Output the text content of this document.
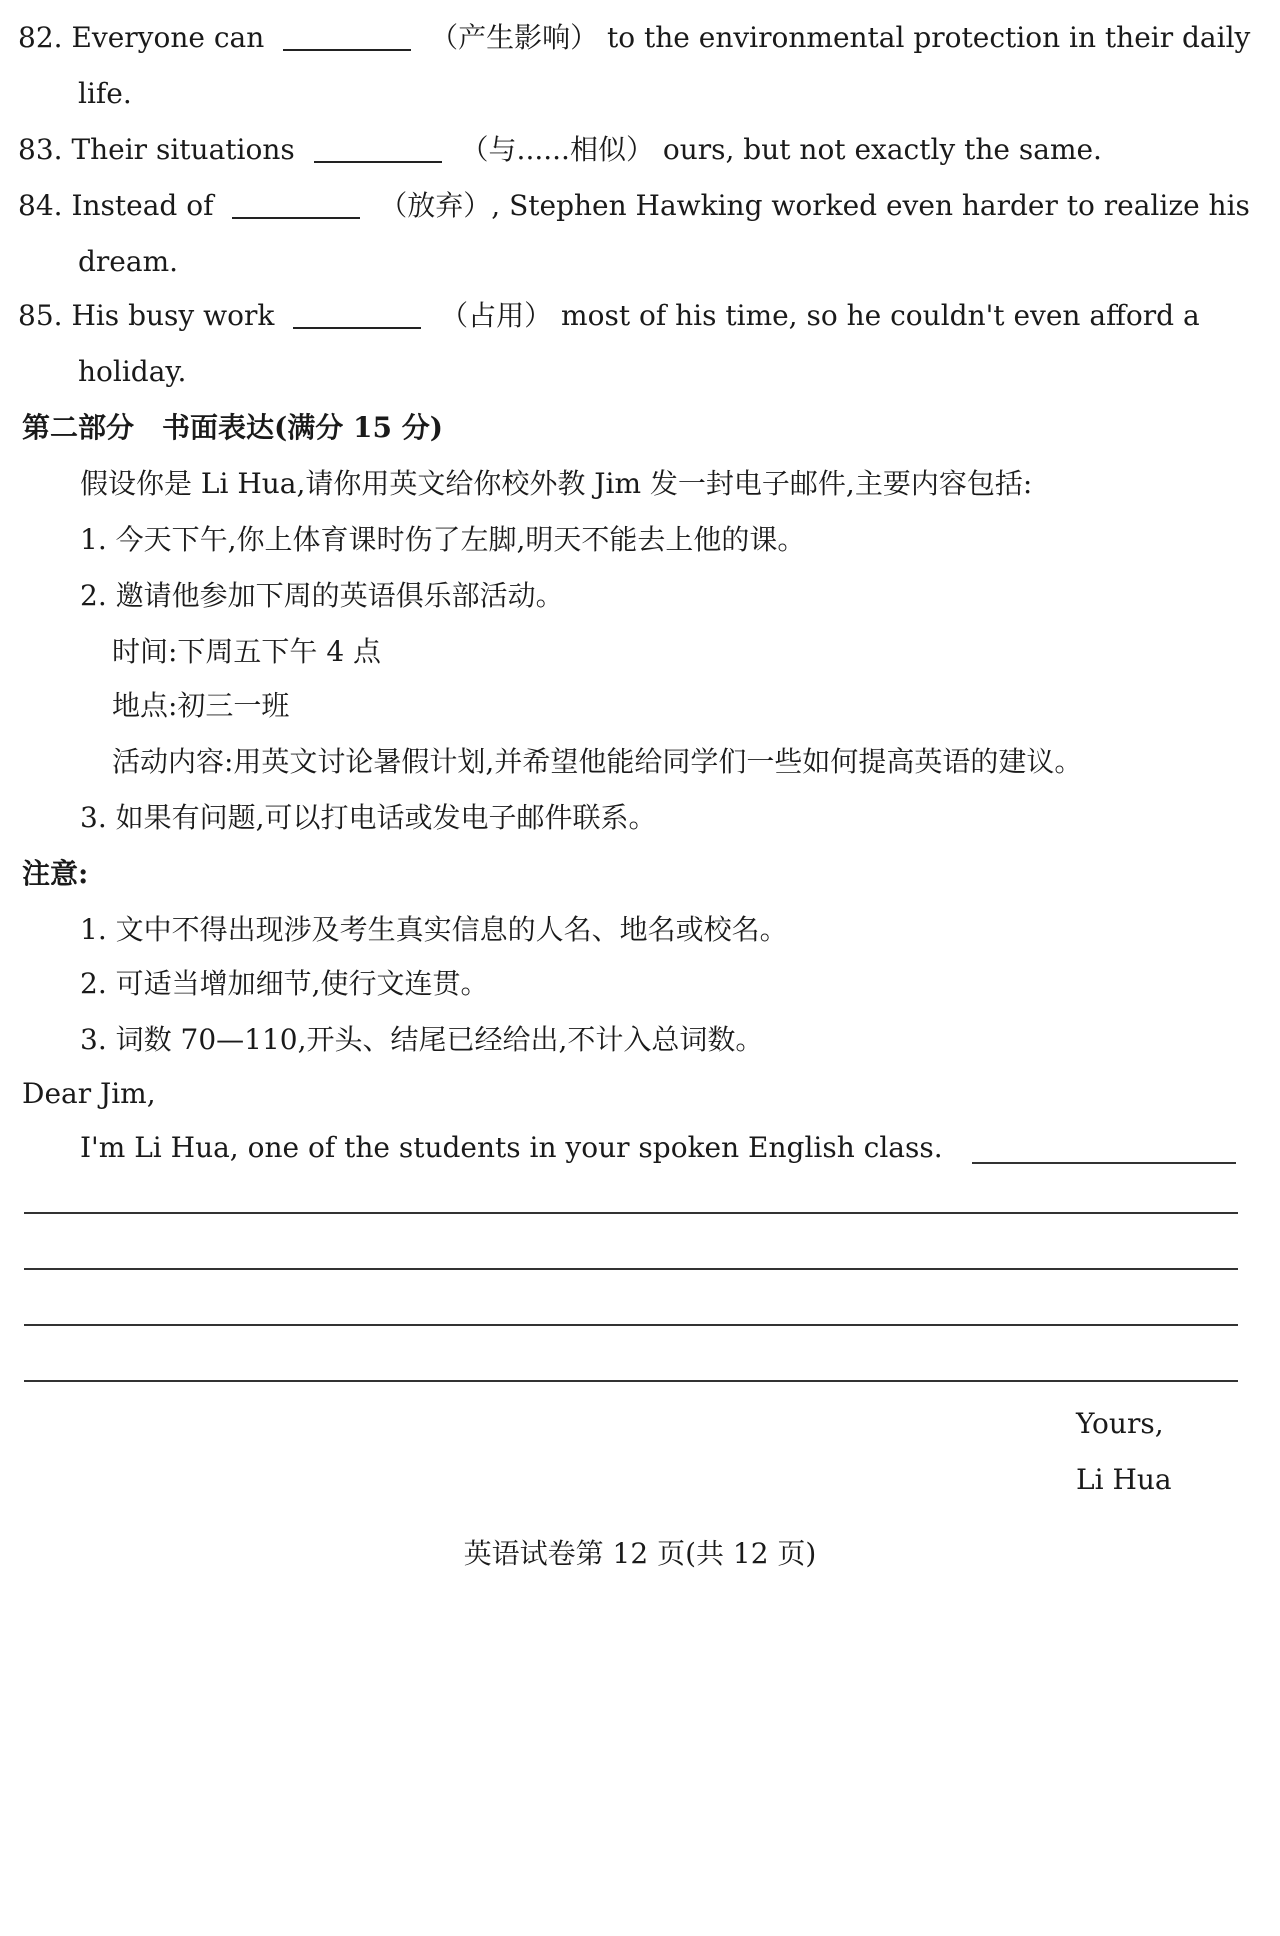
82. Everyone can	（产生影响） to the environmental protection in their daily
life.
83. Their situations	（与......相似） ours, but not exactly the same.
84. Instead of	（放弃）, Stephen Hawking worked even harder to realize his
dream.
85. His busy work	（占用） most of his time, so he couldn't even afford a
holiday.
第二部分　书面表达(满分 15 分)
假设你是 Li Hua,请你用英文给你校外教 Jim 发一封电子邮件,主要内容包括:
1. 今天下午,你上体育课时伤了左脚,明天不能去上他的课。
2. 邀请他参加下周的英语俱乐部活动。
时间:下周五下午 4 点
地点:初三一班
活动内容:用英文讨论暑假计划,并希望他能给同学们一些如何提高英语的建议。
3. 如果有问题,可以打电话或发电子邮件联系。
注意:
1. 文中不得出现涉及考生真实信息的人名、地名或校名。
2. 可适当增加细节,使行文连贯。
3. 词数 70—110,开头、结尾已经给出,不计入总词数。
Dear Jim,
I'm Li Hua, one of the students in your spoken English class.
Yours,
Li Hua
英语试卷第 12 页(共 12 页)
